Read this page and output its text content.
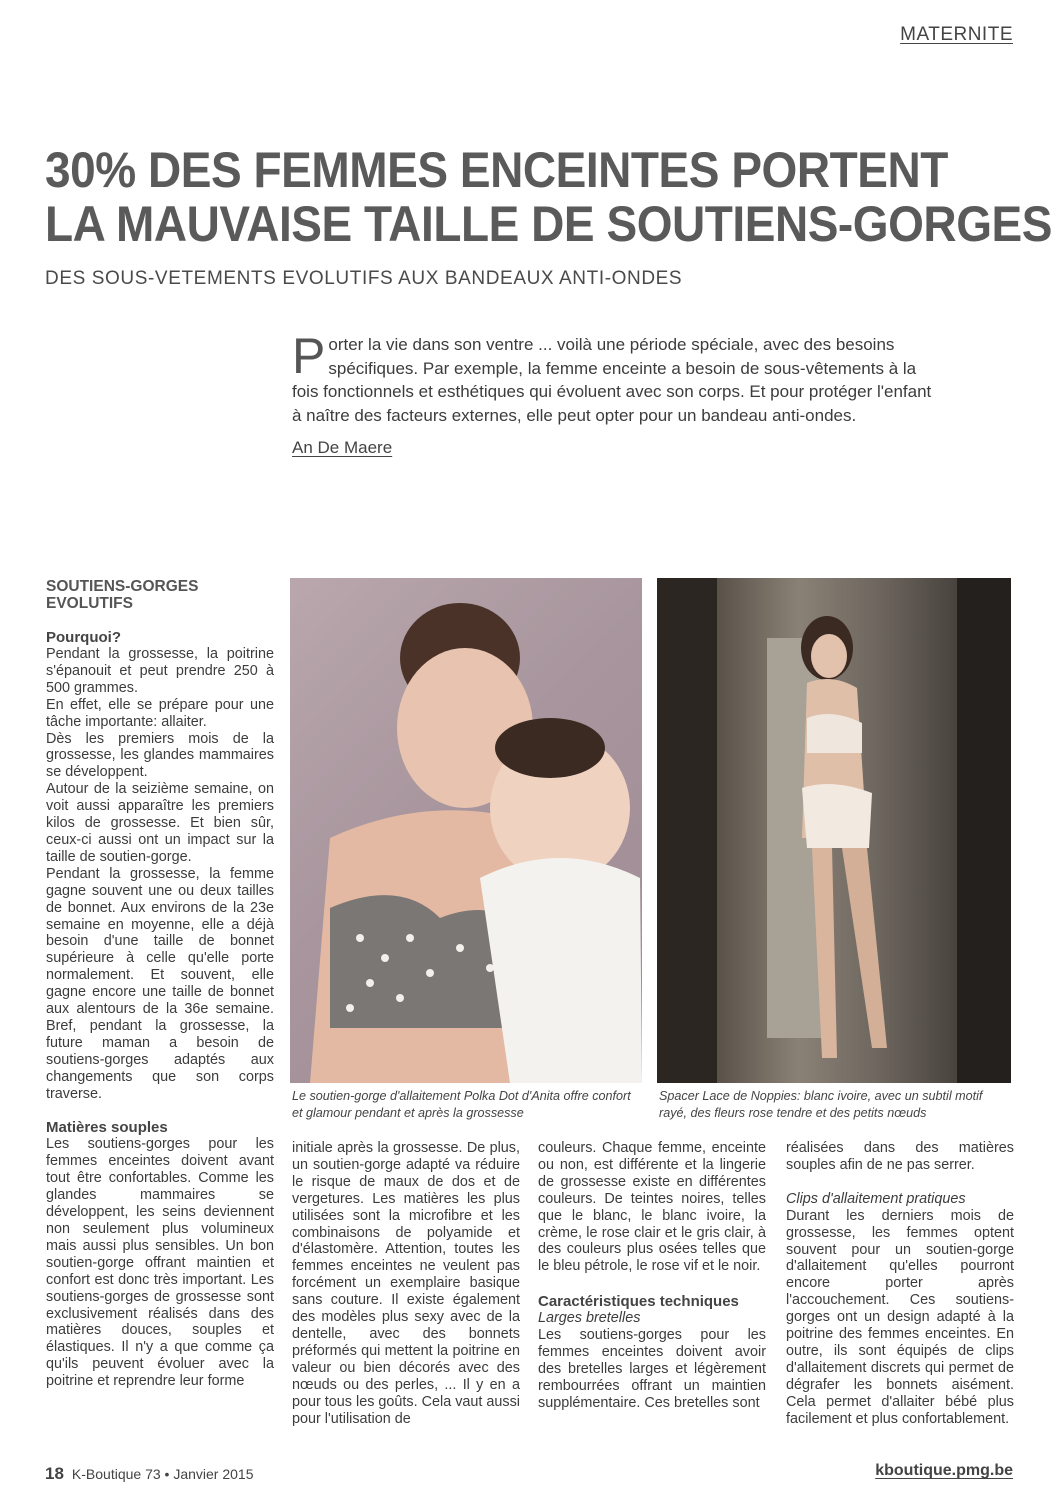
MATERNITE
30% DES FEMMES ENCEINTES PORTENT
LA MAUVAISE TAILLE DE SOUTIENS-GORGES
DES SOUS-VETEMENTS EVOLUTIFS AUX BANDEAUX ANTI-ONDES

Porter la vie dans son ventre ... voilà une période spéciale, avec des besoins spécifiques. Par exemple, la femme enceinte a besoin de sous-vêtements à la fois fonctionnels et esthétiques qui évoluent avec son corps. Et pour protéger l'enfant à naître des facteurs externes, elle peut opter pour un bandeau anti-ondes.

An De Maere

SOUTIENS-GORGES EVOLUTIFS

Pourquoi?

Pendant la grossesse, la poitrine s'épanouit et peut prendre 250 à 500 grammes.

En effet, elle se prépare pour une tâche importante: allaiter.

Dès les premiers mois de la grossesse, les glandes mammaires se développent.

Autour de la seizième semaine, on voit aussi apparaître les premiers kilos de grossesse. Et bien sûr, ceux-ci aussi ont un impact sur la taille de soutien-gorge.

Pendant la grossesse, la femme gagne souvent une ou deux tailles de bonnet. Aux environs de la 23e semaine en moyenne, elle a déjà besoin d'une taille de bonnet supérieure à celle qu'elle porte normalement. Et souvent, elle gagne encore une taille de bonnet aux alentours de la 36e semaine. Bref, pendant la grossesse, la future maman a besoin de soutiens-gorges adaptés aux changements que son corps traverse.

Matières souples

Les soutiens-gorges pour les femmes enceintes doivent avant tout être confortables. Comme les glandes mammaires se développent, les seins deviennent non seulement plus volumineux mais aussi plus sensibles. Un bon soutien-gorge offrant maintien et confort est donc très important. Les soutiens-gorges de grossesse sont exclusivement réalisés dans des matières douces, souples et élastiques. Il n'y a que comme ça qu'ils peuvent évoluer avec la poitrine et reprendre leur forme

Le soutien-gorge d'allaitement Polka Dot d'Anita offre confort et glamour pendant et après la grossesse
Spacer Lace de Noppies: blanc ivoire, avec un subtil motif rayé, des fleurs rose tendre et des petits nœuds

initiale après la grossesse. De plus, un soutien-gorge adapté va réduire le risque de maux de dos et de vergetures. Les matières les plus utilisées sont la microfibre et les combinaisons de polyamide et d'élastomère. Attention, toutes les femmes enceintes ne veulent pas forcément un exemplaire basique sans couture. Il existe également des modèles plus sexy avec de la dentelle, avec des bonnets préformés qui mettent la poitrine en valeur ou bien décorés avec des nœuds ou des perles, ... Il y en a pour tous les goûts. Cela vaut aussi pour l'utilisation de

couleurs. Chaque femme, enceinte ou non, est différente et la lingerie de grossesse existe en différentes couleurs. De teintes noires, telles que le blanc, le blanc ivoire, la crème, le rose clair et le gris clair, à des couleurs plus osées telles que le bleu pétrole, le rose vif et le noir.

Caractéristiques techniques

Larges bretelles

Les soutiens-gorges pour les femmes enceintes doivent avoir des bretelles larges et légèrement rembourrées offrant un maintien supplémentaire. Ces bretelles sont

réalisées dans des matières souples afin de ne pas serrer.

Clips d'allaitement pratiques

Durant les derniers mois de grossesse, les femmes optent souvent pour un soutien-gorge d'allaitement qu'elles pourront encore porter après l'accouchement. Ces soutiens-gorges ont un design adapté à la poitrine des femmes enceintes. En outre, ils sont équipés de clips d'allaitement discrets qui permet de dégrafer les bonnets aisément. Cela permet d'allaiter bébé plus facilement et plus confortablement.

18 K-Boutique 73 • Janvier 2015	kboutique.pmg.be
